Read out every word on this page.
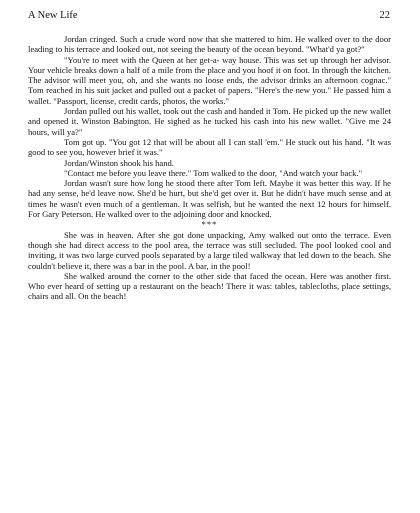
A New Life	22

Jordan cringed. Such a crude word now that she mattered to him. He walked over to the door leading to his terrace and looked out, not seeing the beauty of the ocean beyond. "What'd ya got?"

"You're to meet with the Queen at her get-a- way house. This was set up through her advisor. Your vehicle breaks down a half of a mile from the place and you hoof it on foot. In through the kitchen. The advisor will meet you, oh, and she wants no loose ends, the advisor drinks an afternoon cognac." Tom reached in his suit jacket and pulled out a packet of papers. "Here's the new you." He passed him a wallet. "Passport, license, credit cards, photos, the works."

Jordan pulled out his wallet, took out the cash and handed it Tom. He picked up the new wallet and opened it. Winston Babington. He sighed as he tucked his cash into his new wallet. "Give me 24 hours, will ya?"

Tom got up. "You got 12 that will be about all I can stall 'em." He stuck out his hand. "It was good to see you, however brief it was."

Jordan/Winston shook his hand.

"Contact me before you leave there." Tom walked to the door, "And watch your back."

Jordan wasn't sure how long he stood there after Tom left. Maybe it was better this way. If he had any sense, he'd leave now. She'd be hurt, but she'd get over it. But he didn't have much sense and at times he wasn't even much of a gentleman. It was selfish, but he wanted the next 12 hours for himself. For Gary Peterson. He walked over to the adjoining door and knocked.

***

She was in heaven. After she got done unpacking, Amy walked out onto the terrace. Even though she had direct access to the pool area, the terrace was still secluded. The pool looked cool and inviting, it was two large curved pools separated by a large tiled walkway that led down to the beach. She couldn't believe it, there was a bar in the pool. A bar, in the pool!

She walked around the corner to the other side that faced the ocean. Here was another first. Who ever heard of setting up a restaurant on the beach! There it was: tables, tablecloths, place settings, chairs and all. On the beach!
